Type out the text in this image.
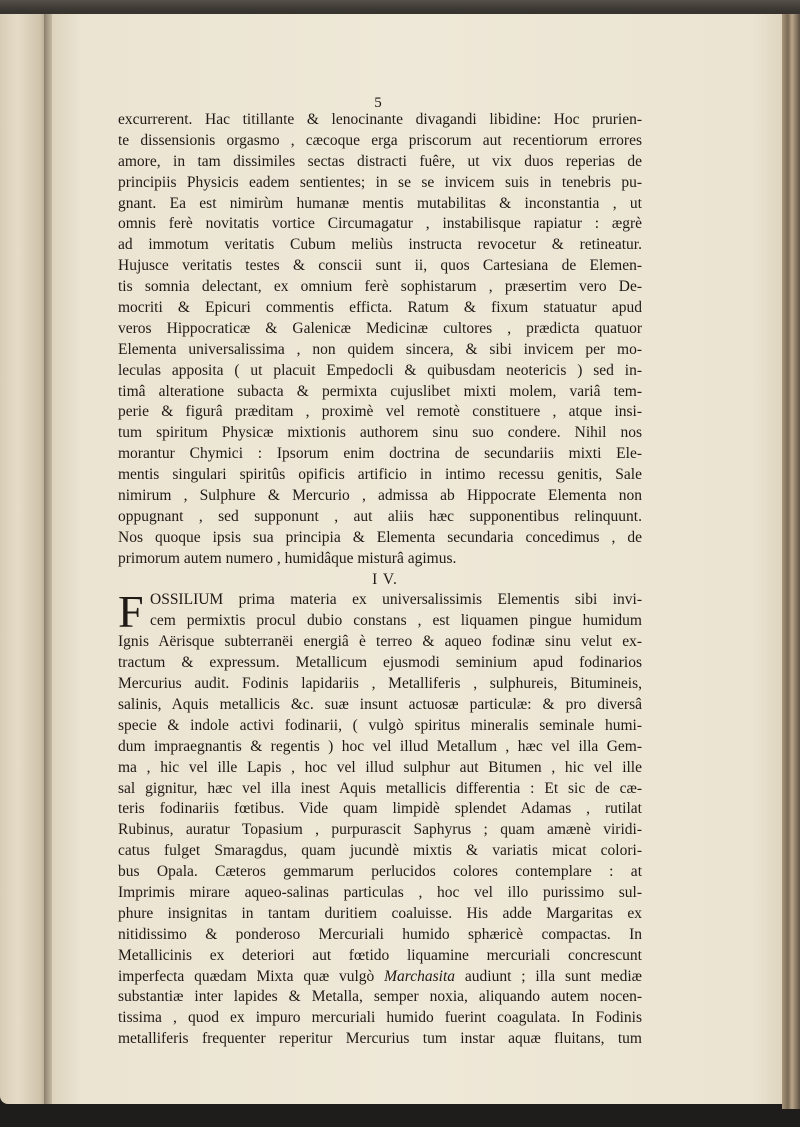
5
excurrerent. Hac titillante & lenocinante divagandi libidine: Hoc prurien-
te dissensionis orgasmo , cæcoque erga priscorum aut recentiorum errores
amore, in tam dissimiles sectas distracti fuêre, ut vix duos reperias de
principiis Physicis eadem sentientes; in se se invicem suis in tenebris pu-
gnant. Ea est nimirùm humanæ mentis mutabilitas & inconstantia , ut
omnis ferè novitatis vortice Circumagatur , instabilisque rapiatur : ægrè
ad immotum veritatis Cubum meliùs instructa revocetur & retineatur.
Hujusce veritatis testes & conscii sunt ii, quos Cartesiana de Elemen-
tis somnia delectant, ex omnium ferè sophistarum , præsertim vero De-
mocriti & Epicuri commentis efficta. Ratum & fixum statuatur apud
veros Hippocraticæ & Galenicæ Medicinæ cultores , prædicta quatuor
Elementa universalissima , non quidem sincera, & sibi invicem per mo-
leculas apposita ( ut placuit Empedocli & quibusdam neotericis ) sed in-
timâ alteratione subacta & permixta cujuslibet mixti molem, variâ tem-
perie & figurâ præditam , proximè vel remotè constituere , atque insi-
tum spiritum Physicæ mixtionis authorem sinu suo condere. Nihil nos
morantur Chymici : Ipsorum enim doctrina de secundariis mixti Ele-
mentis singulari spiritûs opificis artificio in intimo recessu genitis, Sale
nimirum , Sulphure & Mercurio , admissa ab Hippocrate Elementa non
oppugnant , sed supponunt , aut aliis hæc supponentibus relinquunt.
Nos quoque ipsis sua principia & Elementa secundaria concedimus , de
primorum autem numero , humidâque misturâ agimus.
I V.
F OSSILIUM prima materia ex universalissimis Elementis sibi invi-
cem permixtis procul dubio constans , est liquamen pingue humidum
Ignis Aërisque subterranëi energiâ è terreo & aqueo fodinæ sinu velut ex-
tractum & expressum. Metallicum ejusmodi seminium apud fodinarios
Mercurius audit. Fodinis lapidariis , Metalliferis , sulphureis, Bitumineis,
salinis, Aquis metallicis &c. suæ insunt actuosæ particulæ: & pro diversâ
specie & indole activi fodinarii, ( vulgò spiritus mineralis seminale humi-
dum impraegnantis & regentis ) hoc vel illud Metallum , hæc vel illa Gem-
ma , hic vel ille Lapis , hoc vel illud sulphur aut Bitumen , hic vel ille
sal gignitur, hæc vel illa inest Aquis metallicis differentia : Et sic de cæ-
teris fodinariis fœtibus. Vide quam limpidè splendet Adamas , rutilat
Rubinus, auratur Topasium , purpurascit Saphyrus ; quam amænè viridi-
catus fulget Smaragdus, quam jucundè mixtis & variatis micat colori-
bus Opala. Cæteros gemmarum perlucidos colores contemplare : at
Imprimis mirare aqueo-salinas particulas , hoc vel illo purissimo sul-
phure insignitas in tantam duritiem coaluisse. His adde Margaritas ex
nitidissimo & ponderoso Mercuriali humido sphæricè compactas. In
Metallicinis ex deteriori aut fœtido liquamine mercuriali concrescunt
imperfecta quædam Mixta quæ vulgò Marchasita audiunt ; illa sunt mediæ
substantiæ inter lapides & Metalla, semper noxia, aliquando autem nocen-
tissima , quod ex impuro mercuriali humido fuerint coagulata. In Fodinis
metalliferis frequenter reperitur Mercurius tum instar aquæ fluitans, tum
